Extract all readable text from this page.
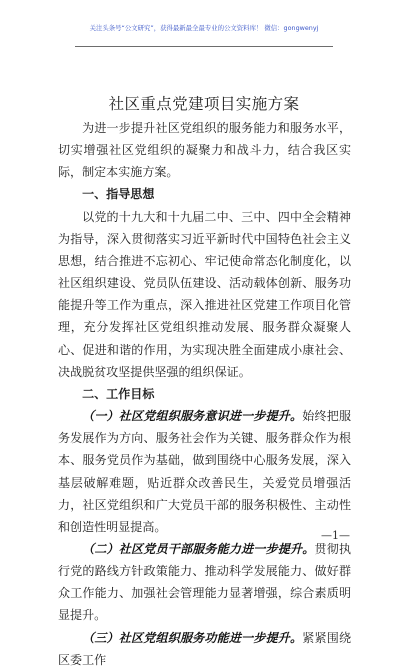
关注头条号“公文研究”，获得最新最全最专业的公文资料库！ 微信：gongwenyj
社区重点党建项目实施方案

为进一步提升社区党组织的服务能力和服务水平，切实增强社区党组织的凝聚力和战斗力，结合我区实际，制定本实施方案。

一、指导思想

以党的十九大和十九届二中、三中、四中全会精神为指导，深入贯彻落实习近平新时代中国特色社会主义思想，结合推进不忘初心、牢记使命常态化制度化，以社区组织建设、党员队伍建设、活动载体创新、服务功能提升等工作为重点，深入推进社区党建工作项目化管理，充分发挥社区党组织推动发展、服务群众凝聚人心、促进和谐的作用，为实现决胜全面建成小康社会、决战脱贫攻坚提供坚强的组织保证。

二、工作目标

（一）社区党组织服务意识进一步提升。始终把服务发展作为方向、服务社会作为关键、服务群众作为根本、服务党员作为基础，做到围绕中心服务发展，深入基层破解难题，贴近群众改善民生，关爱党员增强活力，社区党组织和广大党员干部的服务积极性、主动性和创造性明显提高。

（二）社区党员干部服务能力进一步提升。贯彻执行党的路线方针政策能力、推动科学发展能力、做好群众工作能力、加强社会管理能力显著增强，综合素质明显提升。

（三）社区党组织服务功能进一步提升。紧紧围绕区委工作

—1—
